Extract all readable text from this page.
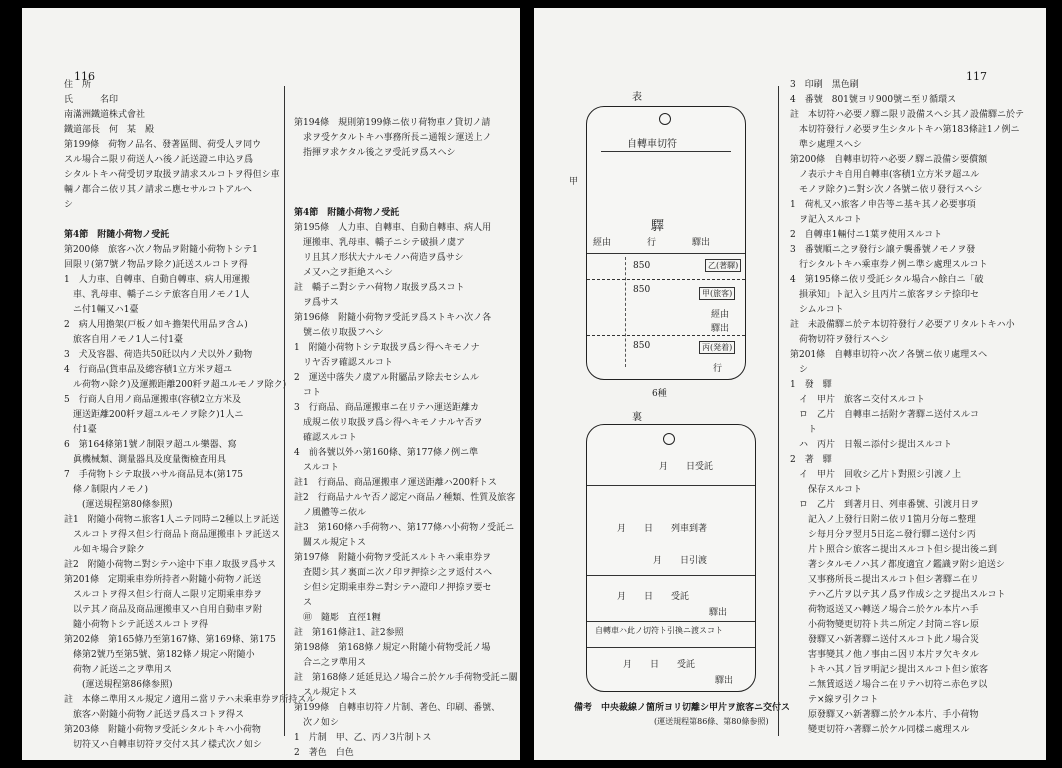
116
住　所
氏　　　名印
南滿洲鐵道株式會社
鐵道部長　何　某　殿
第199條　荷物ノ品名、發著區間、荷受人ヲ同ウ
スル場合ニ限リ荷送人ハ後ノ託送證ニ申込ヲ爲
シタルトキハ荷受切ヲ取扱ヲ請求スルコトヲ得但シ車
輛ノ都合ニ依リ其ノ請求ニ應セサルコトアルへ
シ

第4節　附隨小荷物ノ受託
第200條　旅客ハ次ノ物品ヲ附隨小荷物トシテ1
回限リ(第7號ノ物品ヲ除ク)託送スルコトヲ得
1　人力車、自轉車、自動自轉車、病人用運搬
　車、乳母車、轎子ニシテ旅客自用ノモノ1人
　ニ付1輛又ハ1臺
2　病人用擔架(戸板ノ如キ擔架代用品ヲ含ム)
　旅客自用ノモノ1人ニ付1臺
3　犬及容器、荷造共50瓩以内ノ犬以外ノ動物
4　行商品(貨車品及總容積1立方米ヲ超ユ
　ル荷物ハ除ク)及運搬距離200粁ヲ超ユルモノヲ除ク)
5　行商人自用ノ商品運搬車(容積2立方米及
　運送距離200粁ヲ超ユルモノヲ除ク)1人ニ
　付1臺
6　第164條第1號ノ制限ヲ超ユル樂器、寫
　眞機械類、測量器具及度量衡檢査用具
7　手荷物トシテ取扱ハサル商品見本(第175
　條ノ制限内ノモノ)
　　(運送規程第80條参照)
註1　附隨小荷物ニ旅客1人ニテ同時ニ2種以上ヲ託送
　スルコトヲ得ス但シ行商品ト商品運搬車トヲ託送ス
　ル如キ場合ヲ除ク
註2　附隨小荷物ニ對シテハ途中下車ノ取扱ヲ爲サス
第201條　定期乘車券所持者ハ附隨小荷物ノ託送
　スルコトヲ得ス但シ行商人ニ限リ定期乘車券ヲ
　以テ其ノ商品及商品運搬車又ハ自用自動車ヲ附
　隨小荷物トシテ託送スルコトヲ得
第202條　第165條乃至第167條、第169條、第175
　條第2號乃至第5號、第182條ノ規定ハ附隨小
　荷物ノ託送ニ之ヲ準用ス
　　(運送規程第86條参照)
註　本條ニ準用スル規定ノ適用ニ當リテハ未乘車券ヲ所持スル
　旅客ハ附隨小荷物ノ託送ヲ爲スコトヲ得ス
第203條　附隨小荷物ヲ受託シタルトキハ小荷物
　切符又ハ自轉車切符ヲ交付ス其ノ樣式次ノ如シ
第194條　規則第199條ニ依リ荷物車ノ貸切ノ請
　求ヲ受ケタルトキハ事務所長ニ通報シ運送上ノ
　指揮ヲ求ケタル後之ヲ受託ヲ爲スヘシ

第4節　附隨小荷物ノ受託
第195條　人力車、自轉車、自動自轉車、病人用
　運搬車、乳母車、轎子ニシテ破損ノ虞ア
　リ且其ノ形状大ナルモノハ荷造ヲ爲サシ
　メ又ハ之ヲ拒絶スヘシ
註　轎子ニ對シテハ荷物ノ取扱ヲ爲スコト
　ヲ爲サス
第196條　附隨小荷物ヲ受託ヲ爲ストキハ次ノ各
　號ニ依リ取扱フヘシ
1　附隨小荷物トシテ取扱ヲ爲シ得ヘキモノナ
　リヤ否ヲ確認スルコト
2　運送中落失ノ虞アル附屬品ヲ除去セシムル
　コト
3　行商品、商品運搬車ニ在リテハ運送距離カ
　成規ニ依リ取扱ヲ爲シ得ヘキモノナルヤ否ヲ
　確認スルコト
4　前各號以外ハ第160條、第177條ノ例ニ準
　スルコト
註1　行商品、商品運搬車ノ運送距離ハ200粁トス
註2　行商品ナルヤ否ノ認定ハ商品ノ種類、性質及旅客
　ノ風體等ニ依ル
註3　第160條ハ手荷物ハ、第177條ハ小荷物ノ受託ニ
　關スル規定トス
第197條　附隨小荷物ヲ受託スルトキハ乘車券ヲ
　査閲シ其ノ裏面ニ次ノ印ヲ押捺シ之ヲ返付スへ
　シ但シ定期乘車券ニ對シテハ證印ノ押捺ヲ要セ
　ス
　㊞　隨彫　直徑1糎
註　第161條註1、註2参照
第198條　第168條ノ規定ハ附隨小荷物受託ノ場
　合ニ之ヲ準用ス
註　第168條ノ延延見込ノ場合ニ於ケル手荷物受託ニ關
　スル規定トス
第199條　自轉車切符ノ片制、著色、印刷、番號、
　次ノ如シ
1　片制　甲、乙、丙ノ3片制トス
2　著色　白色
117
表
自轉車切符
驛
經由　　　　行　　　　驛出
850	乙(著驛)
850	甲(旅客)
經由
驛出
850	丙(発着)
行
甲
6種
裏
月　　日受託
月　　日　　列車到著
月　　日引渡
月　　日　　受託
驛出
自轉車ハ此ノ切符ト引換ニ渡スコト
月　　日　　受託
驛出
備考　中央裁線ノ箇所ヨリ切離シ甲片ヲ旅客ニ交付ス
(運送規程第86條、第80條参照)
3　印刷　黒色刷
4　番號　801號ヨリ900號ニ至リ循環ス
註　本切符ハ必要ノ驛ニ限リ設備スヘシ其ノ設備驛ニ於テ
　本切符發行ノ必要ヲ生シタルトキハ第183條註1ノ例ニ
　準シ處理スヘシ
第200條　自轉車切符ハ必要ノ驛ニ設備シ要償額
　ノ表示ナキ自用自轉車(客積1立方米ヲ超ユル
　モノヲ除ク)ニ對シ次ノ各號ニ依リ發行スヘシ
1　荷札又ハ旅客ノ申告等ニ基キ其ノ必要事項
　ヲ記入スルコト
2　自轉車1輛付ニ1葉ヲ使用スルコト
3　番號順ニ之ヲ發行シ譲テ襲番號ノモノヲ發
　行シタルトキハ乘車券ノ例ニ準シ處理スルコト
4　第195條ニ依リ受託シタル場合ハ餘白ニ「破
　損承知」ト記入シ且丙片ニ旅客ヲシテ捺印セ
　シムルコト
註　未設備驛ニ於テ本切符發行ノ必要アリタルトキハ小
　荷物切符ヲ發行スヘシ
第201條　自轉車切符ハ次ノ各號ニ依リ處理スヘ
　シ
1　發　驛
　イ　甲片　旅客ニ交付スルコト
　ロ　乙片　自轉車ニ括附ケ著驛ニ送付スルコ
　　ト
　ハ　丙片　日報ニ添付シ提出スルコト
2　著　驛
　イ　甲片　回收シ乙片ト對照シ引渡ノ上
　　保存スルコト
　ロ　乙片　到著月日、列車番號、引渡月日ヲ
　　記入ノ上發行日附ニ依リ1箇月分毎ニ整理
　　シ每月分ヲ翌月5日迄ニ發行驛ニ送付シ丙
　　片ト照合シ旅客ニ提出スルコト但シ提出後ニ到
　　著シタルモノハ其ノ都度適宜ノ鑑識ヲ附シ追送シ
　　又事務所長ニ提出スルコト但シ著驛ニ在リ
　　テハ乙片ヲ以テ其ノ爲ヲ作成シ之ヲ提出スルコト
　　荷物返送又ハ轉送ノ場合ニ於ケル本片ハ手
　　小荷物變更切符ト共ニ所定ノ封筒ニ容レ原
　　發驛又ハ新著驛ニ送付スルコト此ノ場合災
　　害事變其ノ他ノ事由ニ因リ本片ヲ欠キタル
　　トキハ其ノ旨ヲ明記シ提出スルコト但シ旅客
　　ニ無賃返送ノ場合ニ在リテハ切符ニ赤色ヲ以
　　テ×線ヲ引クコト
　　原發驛又ハ新著驛ニ於ケル本片、手小荷物
　　變更切符ハ著驛ニ於ケル同樣ニ處理スル
